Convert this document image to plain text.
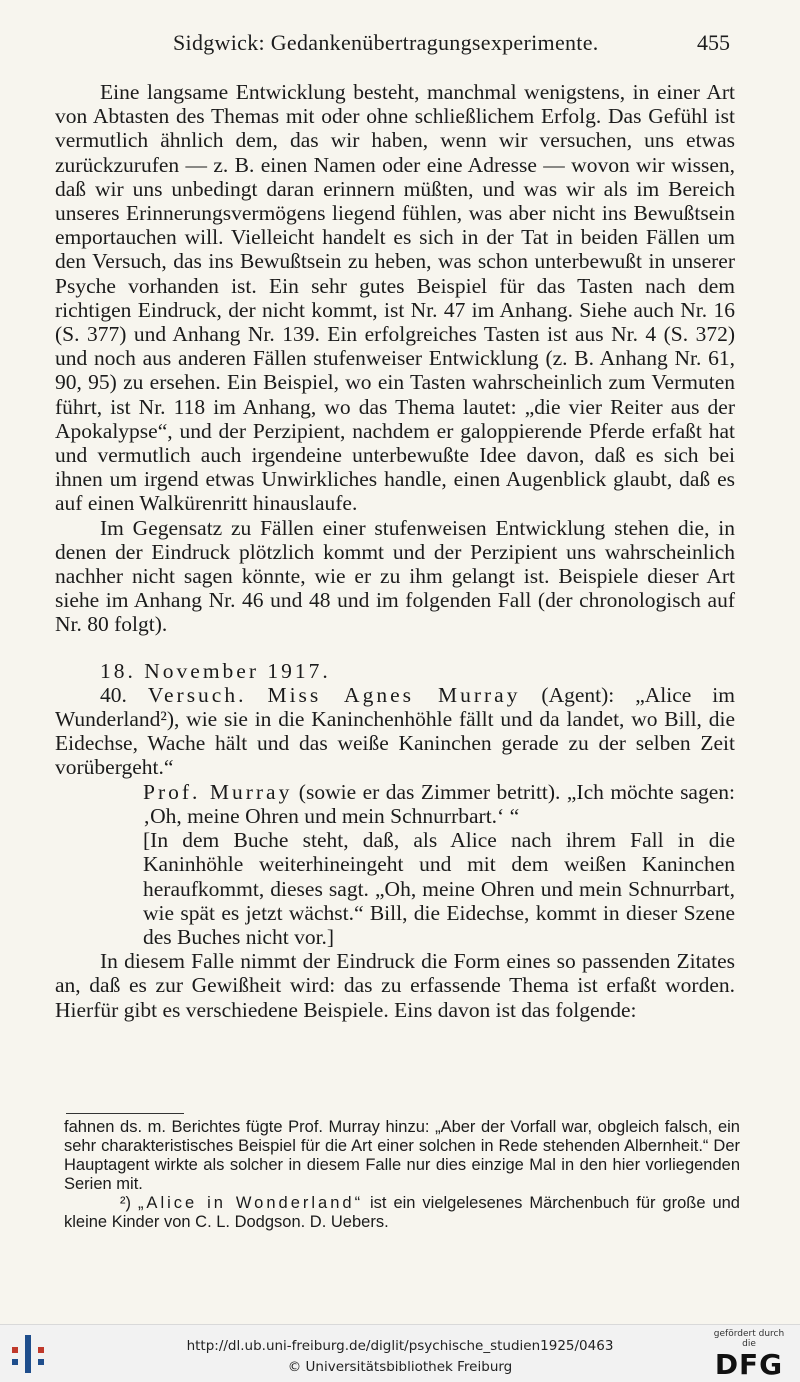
Sidgwick: Gedankenübertragungsexperimente.	455

Eine langsame Entwicklung besteht, manchmal wenigstens, in einer Art von Abtasten des Themas mit oder ohne schließlichem Erfolg. Das Gefühl ist vermutlich ähnlich dem, das wir haben, wenn wir versuchen, uns etwas zurückzurufen — z. B. einen Namen oder eine Adresse — wovon wir wissen, daß wir uns unbedingt daran erinnern müßten, und was wir als im Bereich unseres Erinnerungsvermögens liegend fühlen, was aber nicht ins Bewußtsein emportauchen will. Vielleicht handelt es sich in der Tat in beiden Fällen um den Versuch, das ins Bewußtsein zu heben, was schon unterbewußt in unserer Psyche vorhanden ist. Ein sehr gutes Beispiel für das Tasten nach dem richtigen Eindruck, der nicht kommt, ist Nr. 47 im Anhang. Siehe auch Nr. 16 (S. 377) und Anhang Nr. 139. Ein erfolgreiches Tasten ist aus Nr. 4 (S. 372) und noch aus anderen Fällen stufenweiser Entwicklung (z. B. Anhang Nr. 61, 90, 95) zu ersehen. Ein Beispiel, wo ein Tasten wahrscheinlich zum Vermuten führt, ist Nr. 118 im Anhang, wo das Thema lautet: „die vier Reiter aus der Apokalypse“, und der Perzipient, nachdem er galoppierende Pferde erfaßt hat und vermutlich auch irgendeine unterbewußte Idee davon, daß es sich bei ihnen um irgend etwas Unwirkliches handle, einen Augenblick glaubt, daß es auf einen Walkürenritt hinauslaufe.

Im Gegensatz zu Fällen einer stufenweisen Entwicklung stehen die, in denen der Eindruck plötzlich kommt und der Perzipient uns wahrscheinlich nachher nicht sagen könnte, wie er zu ihm gelangt ist. Beispiele dieser Art siehe im Anhang Nr. 46 und 48 und im folgenden Fall (der chronologisch auf Nr. 80 folgt).

18. November 1917.

40. Versuch. Miss Agnes Murray (Agent): „Alice im Wunderland²), wie sie in die Kaninchenhöhle fällt und da landet, wo Bill, die Eidechse, Wache hält und das weiße Kaninchen gerade zu der selben Zeit vorübergeht.“

Prof. Murray (sowie er das Zimmer betritt). „Ich möchte sagen: ‚Oh, meine Ohren und mein Schnurrbart.‘ “

[In dem Buche steht, daß, als Alice nach ihrem Fall in die Kaninhöhle weiterhineingeht und mit dem weißen Kaninchen heraufkommt, dieses sagt. „Oh, meine Ohren und mein Schnurrbart, wie spät es jetzt wächst.“ Bill, die Eidechse, kommt in dieser Szene des Buches nicht vor.]

In diesem Falle nimmt der Eindruck die Form eines so passenden Zitates an, daß es zur Gewißheit wird: das zu erfassende Thema ist erfaßt worden. Hierfür gibt es verschiedene Beispiele. Eins davon ist das folgende:

fahnen ds. m. Berichtes fügte Prof. Murray hinzu: „Aber der Vorfall war, obgleich falsch, ein sehr charakteristisches Beispiel für die Art einer solchen in Rede stehenden Albernheit.“ Der Hauptagent wirkte als solcher in diesem Falle nur dies einzige Mal in den hier vorliegenden Serien mit.

²) „Alice in Wonderland“ ist ein vielgelesenes Märchenbuch für große und kleine Kinder von C. L. Dodgson. D. Uebers.

http://dl.ub.uni-freiburg.de/diglit/psychische_studien1925/0463
© Universitätsbibliothek Freiburg
gefördert durch die
DFG
